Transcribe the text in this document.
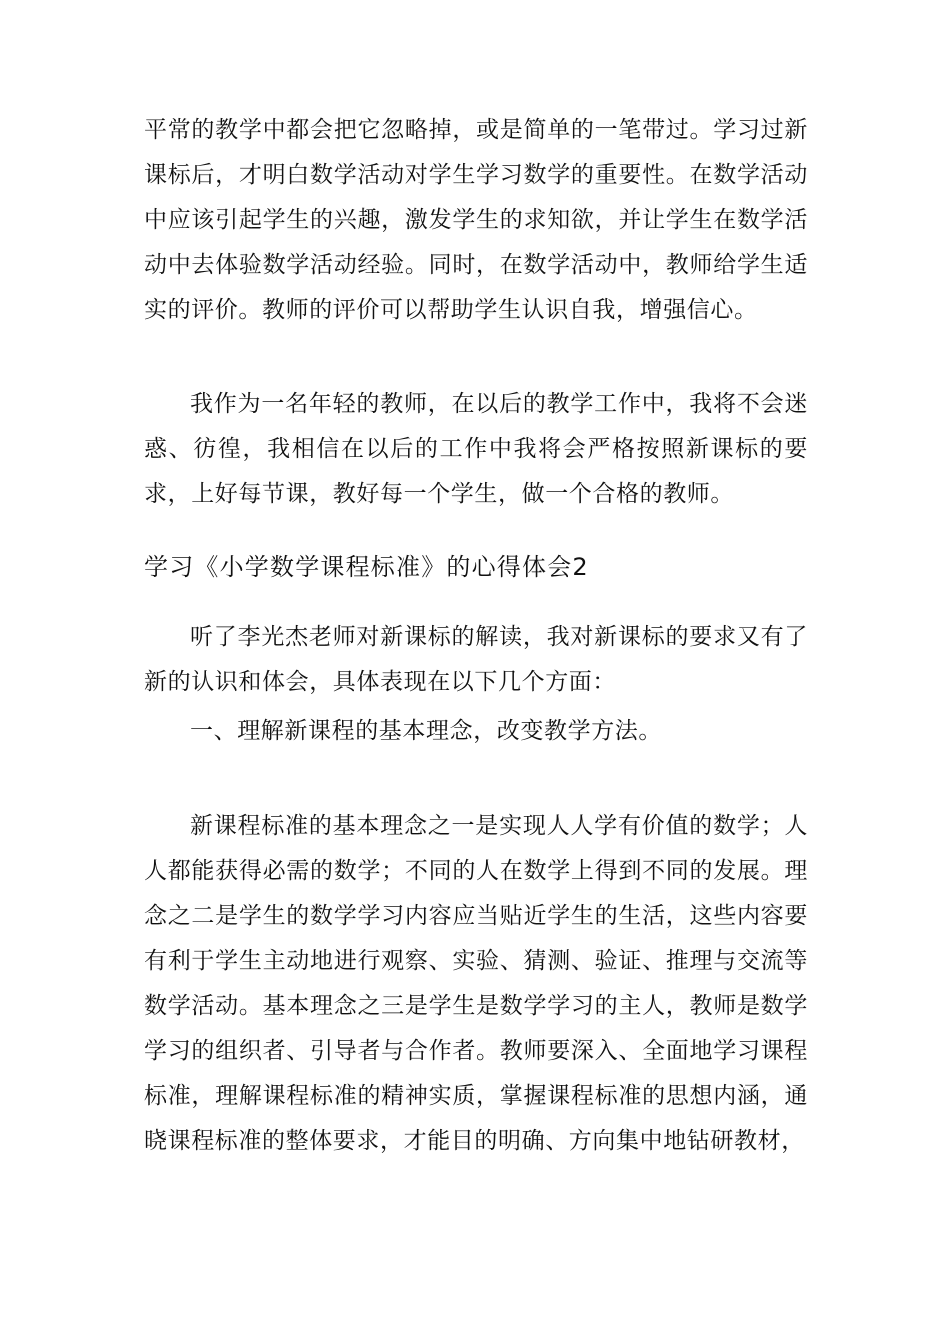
平常的教学中都会把它忽略掉，或是简单的一笔带过。学习过新课标后，才明白数学活动对学生学习数学的重要性。在数学活动中应该引起学生的兴趣，激发学生的求知欲，并让学生在数学活动中去体验数学活动经验。同时，在数学活动中，教师给学生适实的评价。教师的评价可以帮助学生认识自我，增强信心。

我作为一名年轻的教师，在以后的教学工作中，我将不会迷惑、彷徨，我相信在以后的工作中我将会严格按照新课标的要求，上好每节课，教好每一个学生，做一个合格的教师。

学习《小学数学课程标准》的心得体会2

听了李光杰老师对新课标的解读，我对新课标的要求又有了新的认识和体会，具体表现在以下几个方面：

一、理解新课程的基本理念，改变教学方法。

新课程标准的基本理念之一是实现人人学有价值的数学；人人都能获得必需的数学；不同的人在数学上得到不同的发展。理念之二是学生的数学学习内容应当贴近学生的生活，这些内容要有利于学生主动地进行观察、实验、猜测、验证、推理与交流等数学活动。基本理念之三是学生是数学学习的主人，教师是数学学习的组织者、引导者与合作者。教师要深入、全面地学习课程标准，理解课程标准的精神实质，掌握课程标准的思想内涵，通晓课程标准的整体要求，才能目的明确、方向集中地钻研教材，
